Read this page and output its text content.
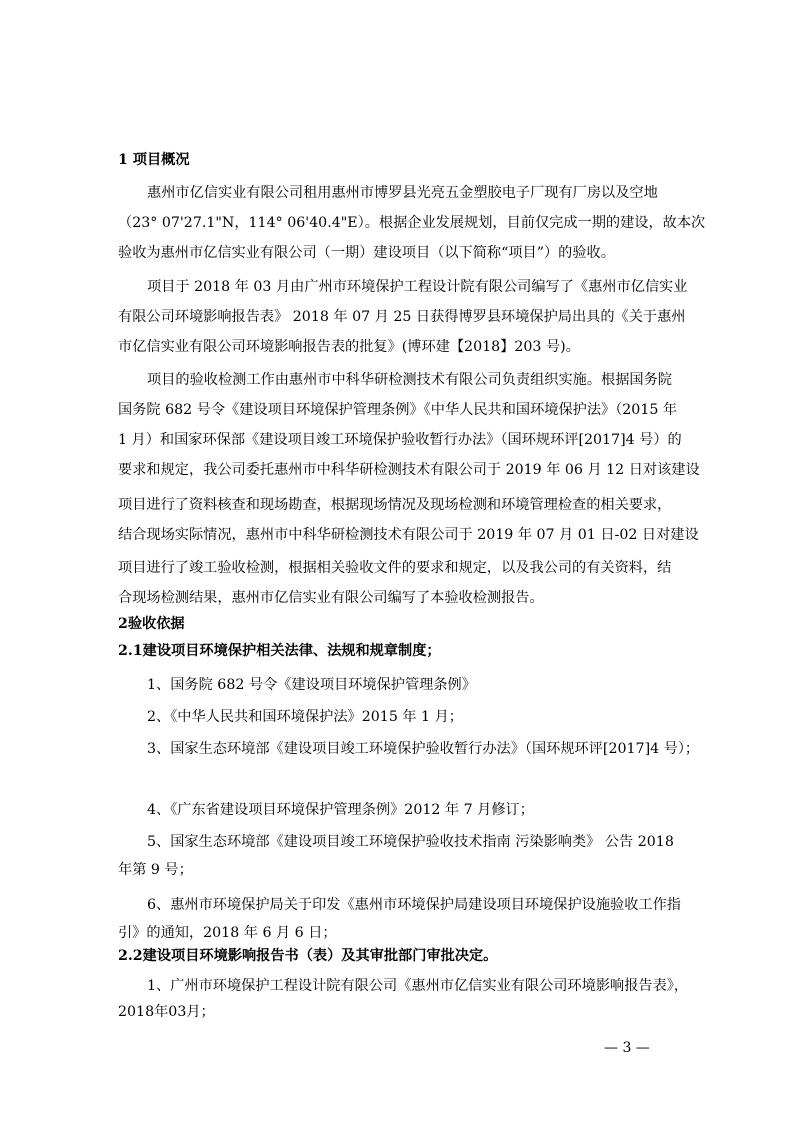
1 项目概况
惠州市亿信实业有限公司租用惠州市博罗县光亮五金塑胶电子厂现有厂房以及空地
（23° 07'27.1"N，114° 06'40.4"E）。根据企业发展规划，目前仅完成一期的建设，故本次
验收为惠州市亿信实业有限公司（一期）建设项目（以下简称“项目”）的验收。
项目于 2018 年 03 月由广州市环境保护工程设计院有限公司编写了《惠州市亿信实业
有限公司环境影响报告表》 2018 年 07 月 25 日获得博罗县环境保护局出具的《关于惠州
市亿信实业有限公司环境影响报告表的批复》(博环建【2018】203 号)。
项目的验收检测工作由惠州市中科华研检测技术有限公司负责组织实施。根据国务院
国务院 682 号令《建设项目环境保护管理条例》《中华人民共和国环境保护法》（2015 年
1 月）和国家环保部《建设项目竣工环境保护验收暂行办法》（国环规环评[2017]4 号）的
要求和规定，我公司委托惠州市中科华研检测技术有限公司于 2019 年 06 月 12 日对该建设
项目进行了资料核查和现场勘查，根据现场情况及现场检测和环境管理检查的相关要求，
结合现场实际情况，惠州市中科华研检测技术有限公司于 2019 年 07 月 01 日-02 日对建设
项目进行了竣工验收检测，根据相关验收文件的要求和规定，以及我公司的有关资料，结
合现场检测结果，惠州市亿信实业有限公司编写了本验收检测报告。
2验收依据
2.1建设项目环境保护相关法律、法规和规章制度；
1、国务院 682 号令《建设项目环境保护管理条例》
2、《中华人民共和国环境保护法》2015 年 1 月；
3、国家生态环境部《建设项目竣工环境保护验收暂行办法》（国环规环评[2017]4 号）；
4、《广东省建设项目环境保护管理条例》2012 年 7 月修订；
5、国家生态环境部《建设项目竣工环境保护验收技术指南 污染影响类》 公告 2018
年第 9 号；
6、惠州市环境保护局关于印发《惠州市环境保护局建设项目环境保护设施验收工作指
引》的通知，2018 年 6 月 6 日；
2.2建设项目环境影响报告书（表）及其审批部门审批决定。
1、广州市环境保护工程设计院有限公司《惠州市亿信实业有限公司环境影响报告表》，
2018年03月；
— 3 —
